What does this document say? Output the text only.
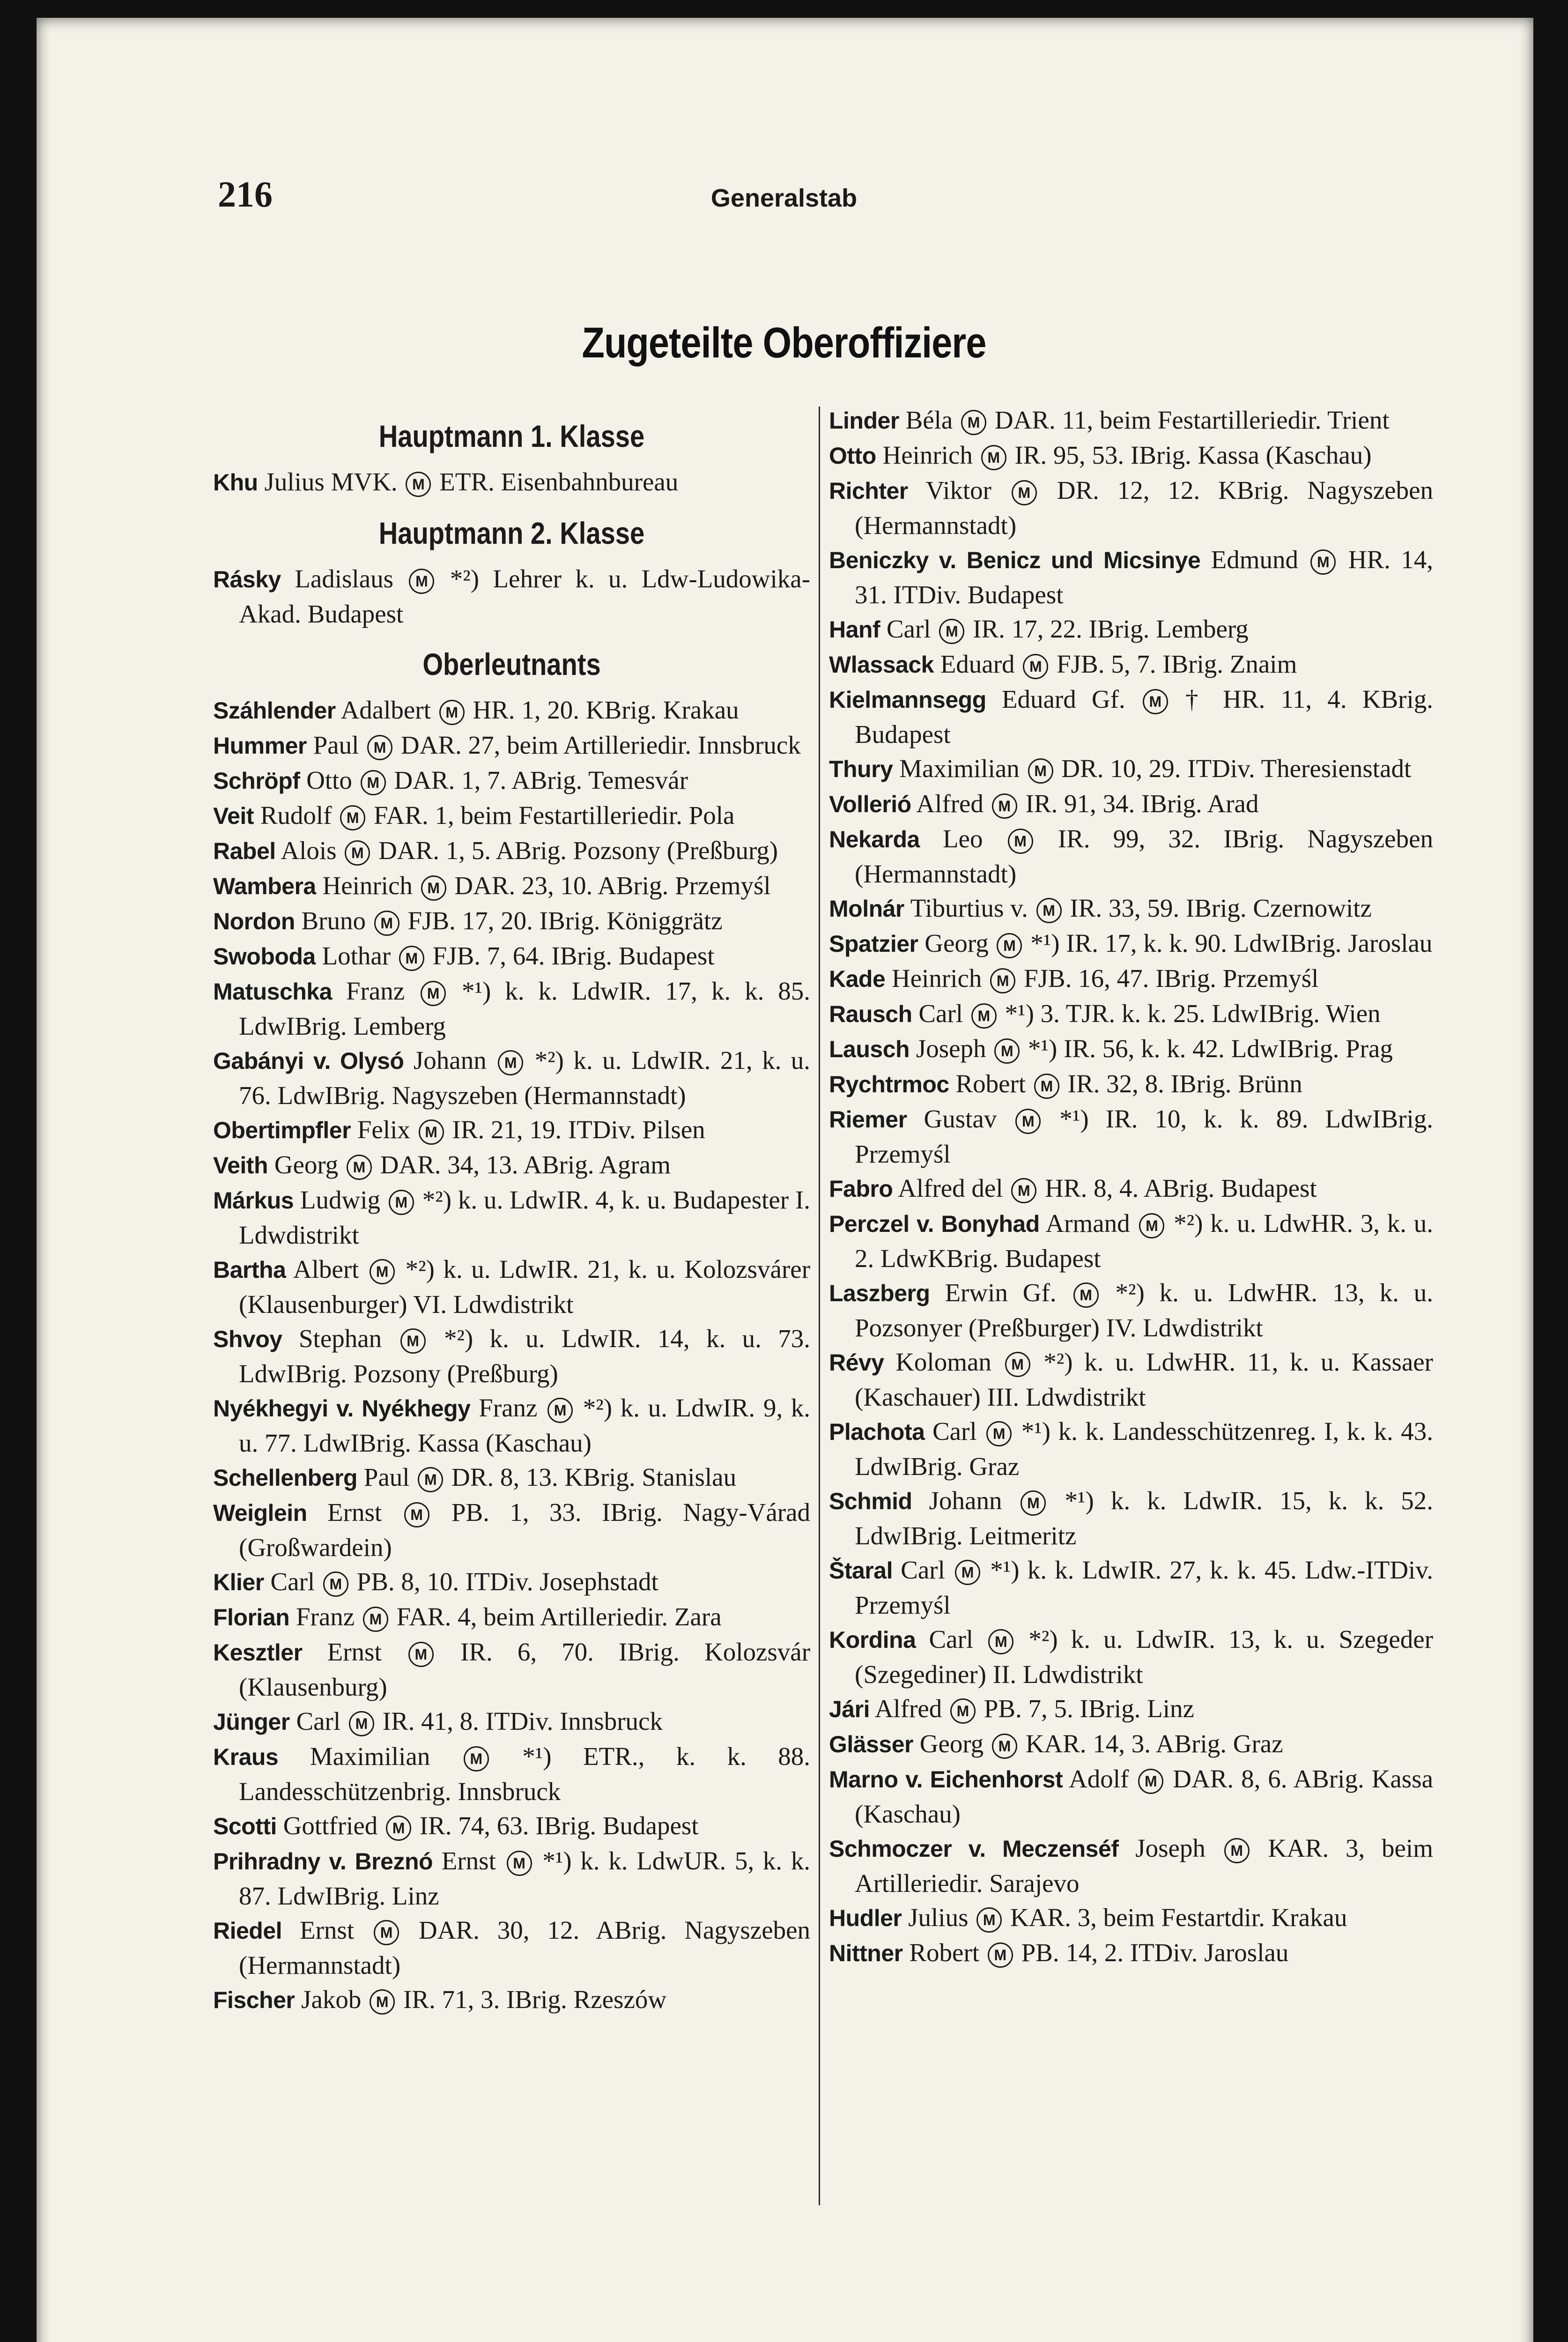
216	Generalstab
Zugeteilte Oberoffiziere
Hauptmann 1. Klasse
Khu Julius MVK. M ETR. Eisenbahnbureau
Hauptmann 2. Klasse
Rásky Ladislaus M *²) Lehrer k. u. Ldw-Ludowika-Akad. Budapest
Oberleutnants
Száhlender Adalbert M HR. 1, 20. KBrig. Krakau
Hummer Paul M DAR. 27, beim Artilleriedir. Innsbruck
Schröpf Otto M DAR. 1, 7. ABrig. Temesvár
Veit Rudolf M FAR. 1, beim Festartilleriedir. Pola
Rabel Alois M DAR. 1, 5. ABrig. Pozsony (Preßburg)
Wambera Heinrich M DAR. 23, 10. ABrig. Przemyśl
Nordon Bruno M FJB. 17, 20. IBrig. Königgrätz
Swoboda Lothar M FJB. 7, 64. IBrig. Budapest
Matuschka Franz M *¹) k. k. LdwIR. 17, k. k. 85. LdwIBrig. Lemberg
Gabányi v. Olysó Johann M *²) k. u. LdwIR. 21, k. u. 76. LdwIBrig. Nagyszeben (Hermannstadt)
Obertimpfler Felix M IR. 21, 19. ITDiv. Pilsen
Veith Georg M DAR. 34, 13. ABrig. Agram
Márkus Ludwig M *²) k. u. LdwIR. 4, k. u. Budapester I. Ldwdistrikt
Bartha Albert M *²) k. u. LdwIR. 21, k. u. Kolozsvárer (Klausenburger) VI. Ldwdistrikt
Shvoy Stephan M *²) k. u. LdwIR. 14, k. u. 73. LdwIBrig. Pozsony (Preßburg)
Nyékhegyi v. Nyékhegy Franz M *²) k. u. LdwIR. 9, k. u. 77. LdwIBrig. Kassa (Kaschau)
Schellenberg Paul M DR. 8, 13. KBrig. Stanislau
Weiglein Ernst M PB. 1, 33. IBrig. Nagy-Várad (Großwardein)
Klier Carl M PB. 8, 10. ITDiv. Josephstadt
Florian Franz M FAR. 4, beim Artilleriedir. Zara
Kesztler Ernst M IR. 6, 70. IBrig. Kolozsvár (Klausenburg)
Jünger Carl M IR. 41, 8. ITDiv. Innsbruck
Kraus Maximilian	M *¹) ETR., k. k. 88. Landesschützenbrig. Innsbruck
Scotti Gottfried M IR. 74, 63. IBrig. Budapest
Prihradny v. Breznó Ernst M *¹) k. k. LdwUR. 5, k. k. 87. LdwIBrig. Linz
Riedel Ernst M DAR. 30, 12. ABrig. Nagyszeben (Hermannstadt)
Fischer Jakob M IR. 71, 3. IBrig. Rzeszów
Linder Béla M DAR. 11, beim Festartilleriedir. Trient
Otto Heinrich M IR. 95, 53. IBrig. Kassa (Kaschau)
Richter Viktor M DR. 12, 12. KBrig. Nagyszeben (Hermannstadt)
Beniczky v. Benicz und Micsinye Edmund M HR. 14, 31. ITDiv. Budapest
Hanf Carl M IR. 17, 22. IBrig. Lemberg
Wlassack Eduard M FJB. 5, 7. IBrig. Znaim
Kielmannsegg Eduard Gf. M † HR. 11, 4. KBrig. Budapest
Thury Maximilian M DR. 10, 29. ITDiv. Theresienstadt
Vollerió Alfred M IR. 91, 34. IBrig. Arad
Nekarda Leo M IR. 99, 32. IBrig. Nagyszeben (Hermannstadt)
Molnár Tiburtius v. M IR. 33, 59. IBrig. Czernowitz
Spatzier Georg M *¹) IR. 17, k. k. 90. LdwIBrig. Jaroslau
Kade Heinrich M FJB. 16, 47. IBrig. Przemyśl
Rausch Carl M *¹) 3. TJR. k. k. 25. LdwIBrig. Wien
Lausch Joseph M *¹) IR. 56, k. k. 42. LdwIBrig. Prag
Rychtrmoc Robert M IR. 32, 8. IBrig. Brünn
Riemer Gustav M *¹) IR. 10, k. k. 89. LdwIBrig. Przemyśl
Fabro Alfred del M HR. 8, 4. ABrig. Budapest
Perczel v. Bonyhad Armand M *²) k. u. LdwHR. 3, k. u. 2. LdwKBrig. Budapest
Laszberg Erwin Gf. M *²) k. u. LdwHR. 13, k. u. Pozsonyer (Preßburger) IV. Ldwdistrikt
Révy Koloman M *²) k. u. LdwHR. 11, k. u. Kassaer (Kaschauer) III. Ldwdistrikt
Plachota Carl M *¹) k. k. Landesschützenreg. I, k. k. 43. LdwIBrig. Graz
Schmid Johann M *¹) k. k. LdwIR. 15, k. k. 52. LdwIBrig. Leitmeritz
Štaral Carl M *¹) k. k. LdwIR. 27, k. k. 45. Ldw.-ITDiv. Przemyśl
Kordina Carl M *²) k. u. LdwIR. 13, k. u. Szegeder (Szegediner) II. Ldwdistrikt
Jári Alfred M PB. 7, 5. IBrig. Linz
Glässer Georg M KAR. 14, 3. ABrig. Graz
Marno v. Eichenhorst Adolf M DAR. 8, 6. ABrig. Kassa (Kaschau)
Schmoczer v. Meczenséf Joseph M KAR. 3, beim Artilleriedir. Sarajevo
Hudler Julius M KAR. 3, beim Festartdir. Krakau
Nittner Robert M PB. 14, 2. ITDiv. Jaroslau
